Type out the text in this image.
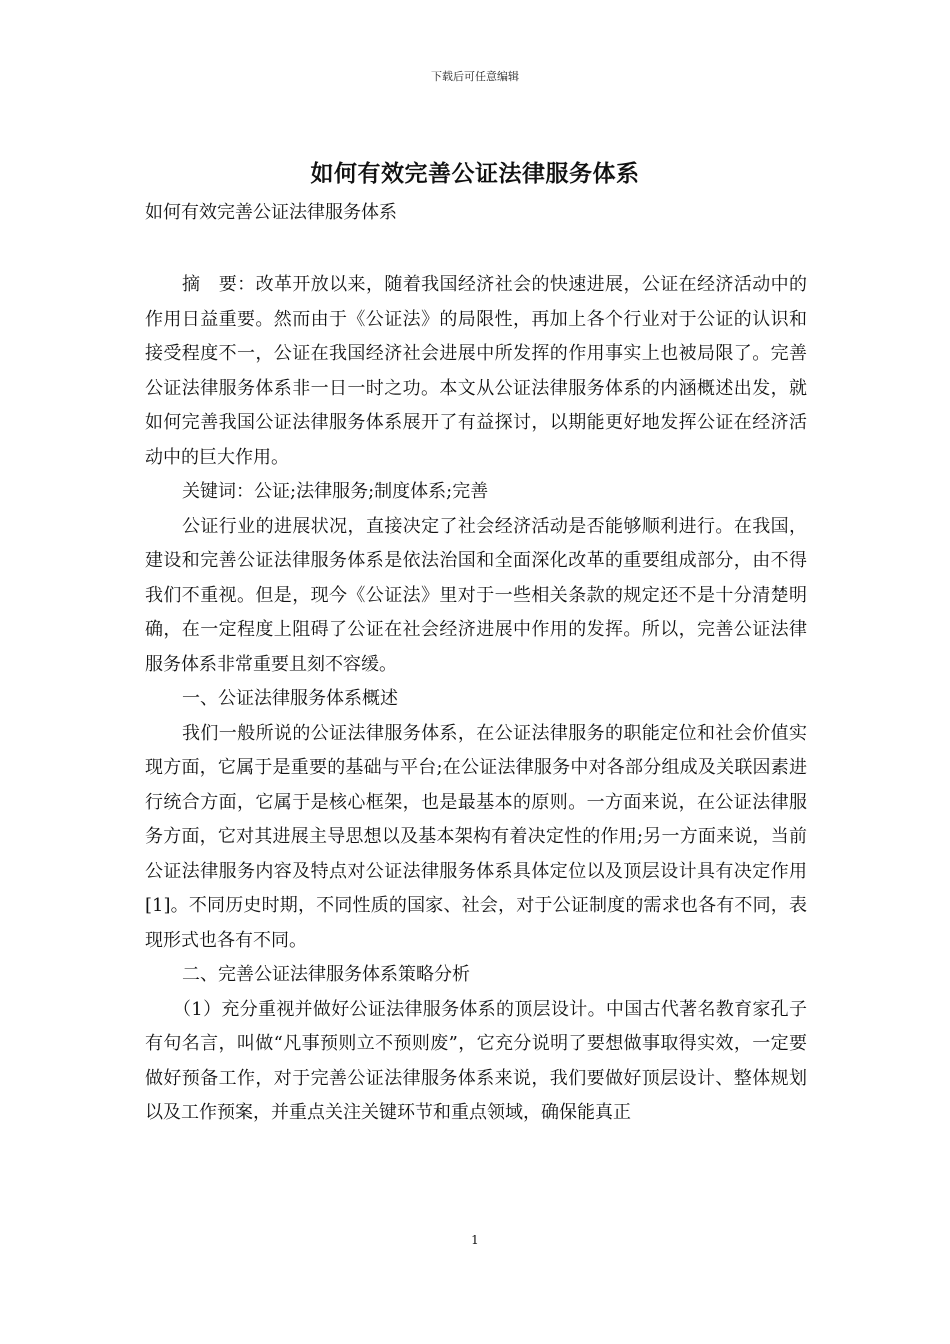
下载后可任意编辑
如何有效完善公证法律服务体系

如何有效完善公证法律服务体系

摘　要：改革开放以来，随着我国经济社会的快速进展，公证在经济活动中的作用日益重要。然而由于《公证法》的局限性，再加上各个行业对于公证的认识和接受程度不一，公证在我国经济社会进展中所发挥的作用事实上也被局限了。完善公证法律服务体系非一日一时之功。本文从公证法律服务体系的内涵概述出发，就如何完善我国公证法律服务体系展开了有益探讨，以期能更好地发挥公证在经济活动中的巨大作用。

关键词：公证;法律服务;制度体系;完善

公证行业的进展状况，直接决定了社会经济活动是否能够顺利进行。在我国，建设和完善公证法律服务体系是依法治国和全面深化改革的重要组成部分，由不得我们不重视。但是，现今《公证法》里对于一些相关条款的规定还不是十分清楚明确，在一定程度上阻碍了公证在社会经济进展中作用的发挥。所以，完善公证法律服务体系非常重要且刻不容缓。

一、公证法律服务体系概述

我们一般所说的公证法律服务体系，在公证法律服务的职能定位和社会价值实现方面，它属于是重要的基础与平台;在公证法律服务中对各部分组成及关联因素进行统合方面，它属于是核心框架，也是最基本的原则。一方面来说，在公证法律服务方面，它对其进展主导思想以及基本架构有着决定性的作用;另一方面来说，当前公证法律服务内容及特点对公证法律服务体系具体定位以及顶层设计具有决定作用[1]。不同历史时期，不同性质的国家、社会，对于公证制度的需求也各有不同，表现形式也各有不同。

二、完善公证法律服务体系策略分析

（1）充分重视并做好公证法律服务体系的顶层设计。中国古代著名教育家孔子有句名言，叫做“凡事预则立不预则废”，它充分说明了要想做事取得实效，一定要做好预备工作，对于完善公证法律服务体系来说，我们要做好顶层设计、整体规划以及工作预案，并重点关注关键环节和重点领域，确保能真正

1
